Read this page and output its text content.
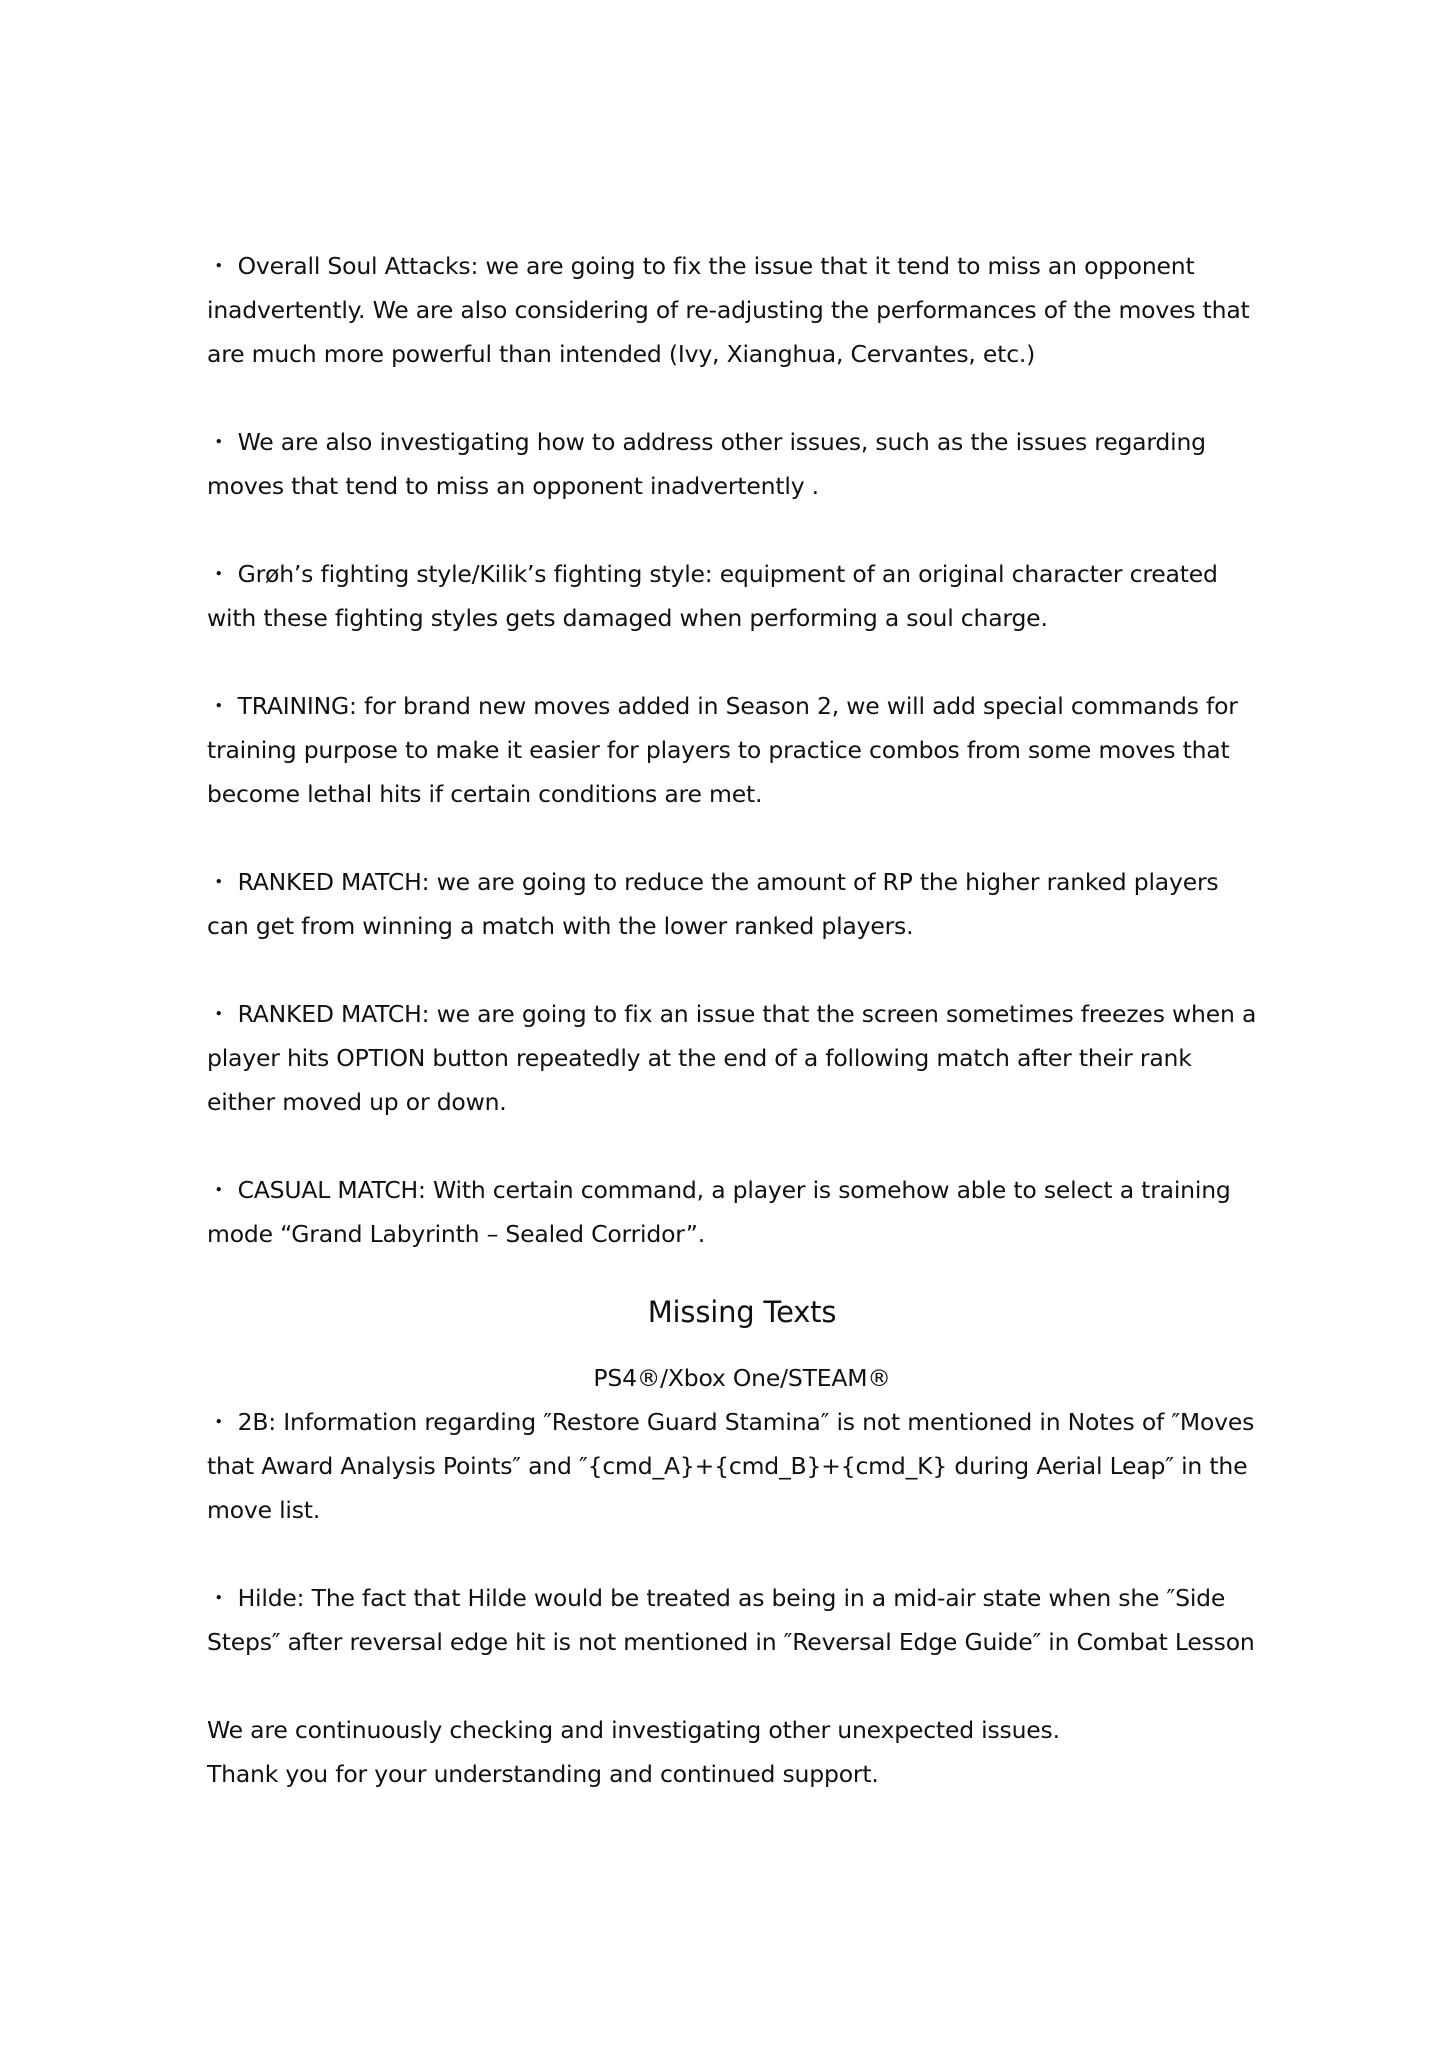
・ Overall Soul Attacks: we are going to fix the issue that it tend to miss an opponent inadvertently. We are also considering of re-adjusting the performances of the moves that are much more powerful than intended (Ivy, Xianghua, Cervantes, etc.)

・ We are also investigating how to address other issues, such as the issues regarding moves that tend to miss an opponent inadvertently .

・ Grøh’s fighting style/Kilik’s fighting style: equipment of an original character created with these fighting styles gets damaged when performing a soul charge.

・ TRAINING: for brand new moves added in Season 2, we will add special commands for training purpose to make it easier for players to practice combos from some moves that become lethal hits if certain conditions are met.

・ RANKED MATCH: we are going to reduce the amount of RP the higher ranked players can get from winning a match with the lower ranked players.

・ RANKED MATCH: we are going to fix an issue that the screen sometimes freezes when a player hits OPTION button repeatedly at the end of a following match after their rank either moved up or down.

・ CASUAL MATCH: With certain command, a player is somehow able to select a training mode “Grand Labyrinth – Sealed Corridor”.

Missing Texts

PS4®/Xbox One/STEAM®

・ 2B: Information regarding ″Restore Guard Stamina″ is not mentioned in Notes of ″Moves that Award Analysis Points″ and ″{cmd_A}+{cmd_B}+{cmd_K} during Aerial Leap″ in the move list.

・ Hilde: The fact that Hilde would be treated as being in a mid-air state when she ″Side Steps″ after reversal edge hit is not mentioned in ″Reversal Edge Guide″ in Combat Lesson

We are continuously checking and investigating other unexpected issues.

Thank you for your understanding and continued support.
